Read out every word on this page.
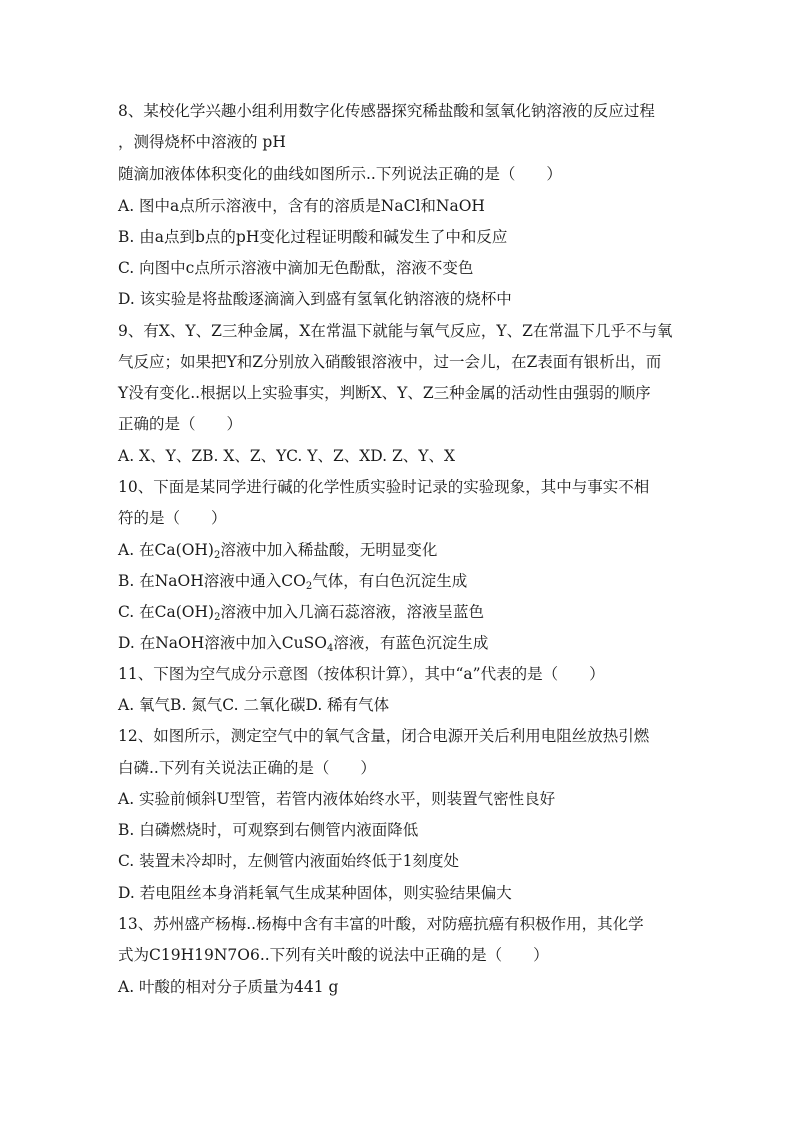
8、某校化学兴趣小组利用数字化传感器探究稀盐酸和氢氧化钠溶液的反应过程
，测得烧杯中溶液的 pH
随滴加液体体积变化的曲线如图所示..下列说法正确的是（　　）
A. 图中a点所示溶液中，含有的溶质是NaCl和NaOH
B. 由a点到b点的pH变化过程证明酸和碱发生了中和反应
C. 向图中c点所示溶液中滴加无色酚酞，溶液不变色
D. 该实验是将盐酸逐滴滴入到盛有氢氧化钠溶液的烧杯中
9、有X、Y、Z三种金属，X在常温下就能与氧气反应，Y、Z在常温下几乎不与氧
气反应；如果把Y和Z分别放入硝酸银溶液中，过一会儿，在Z表面有银析出，而
Y没有变化..根据以上实验事实，判断X、Y、Z三种金属的活动性由强弱的顺序
正确的是（　　）
A. X、Y、ZB. X、Z、YC. Y、Z、XD. Z、Y、X
10、下面是某同学进行碱的化学性质实验时记录的实验现象，其中与事实不相
符的是（　　）
A. 在$Ca(OH)_2$溶液中加入稀盐酸，无明显变化
B. 在NaOH溶液中通入$CO_2$气体，有白色沉淀生成
C. 在$Ca(OH)_2$溶液中加入几滴石蕊溶液，溶液呈蓝色
D. 在NaOH溶液中加入CuSO$_4$溶液，有蓝色沉淀生成
11、下图为空气成分示意图（按体积计算），其中“a”代表的是（　　）
A. 氧气B. 氮气C. 二氧化碳D. 稀有气体
12、如图所示，测定空气中的氧气含量，闭合电源开关后利用电阻丝放热引燃
白磷..下列有关说法正确的是（　　）
A. 实验前倾斜U型管，若管内液体始终水平，则装置气密性良好
B. 白磷燃烧时，可观察到右侧管内液面降低
C. 装置未冷却时，左侧管内液面始终低于1刻度处
D. 若电阻丝本身消耗氧气生成某种固体，则实验结果偏大
13、苏州盛产杨梅..杨梅中含有丰富的叶酸，对防癌抗癌有积极作用，其化学
式为C19H19N7O6..下列有关叶酸的说法中正确的是（　　）
A. 叶酸的相对分子质量为441 g
